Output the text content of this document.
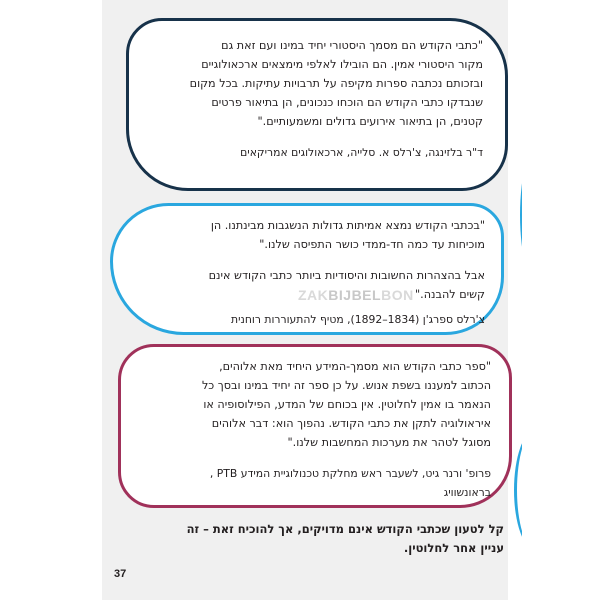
"כתבי הקודש הם מסמך היסטורי יחיד במינו ועם זאת גם

מקור היסטורי אמין. הם הובילו לאלפי מימצאים ארכאולוגיים

ובזכותם נכתבה ספרות מקיפה על תרבויות עתיקות. בכל מקום

שנבדקו כתבי הקודש הם הוכחו כנכונים, הן בתיאור פרטים

קטנים, הן בתיאור אירועים גדולים ומשמעותיים."

ד"ר בלזינגה, צ'רלס א. סלייה, ארכאולוגים אמריקאים

"בכתבי הקודש נמצא אמיתות גדולות הנשגבות מבינתנו. הן

מוכיחות עד כמה חד-ממדי כושר התפיסה שלנו."

אבל בהצהרות החשובות והיסודיות ביותר כתבי הקודש אינם

קשים להבנה."

צ'רלס ספרג'ן (1834–1892), מטיף להתעוררות רוחנית

ZAKBIJBELBON

"ספר כתבי הקודש הוא מסמך-המידע היחיד מאת אלוהים,

הכתוב למעננו בשפת אנוש. על כן ספר זה יחיד במינו ובסך כל

הנאמר בו אמין לחלוטין. אין בכוחם של המדע, הפילוסופיה או

איראולוגיה לתקן את כתבי הקודש. נהפוך הוא: דבר אלוהים

מסוגל לטהר את מערכות המחשבות שלנו."

פרופ' ורנר גיט, לשעבר ראש מחלקת טכנולוגיית המידע PTB ,

בראונשוויג

קל לטעון שכתבי הקודש אינם מדויקים, אך להוכיח זאת – זה

עניין אחר לחלוטין.

37
